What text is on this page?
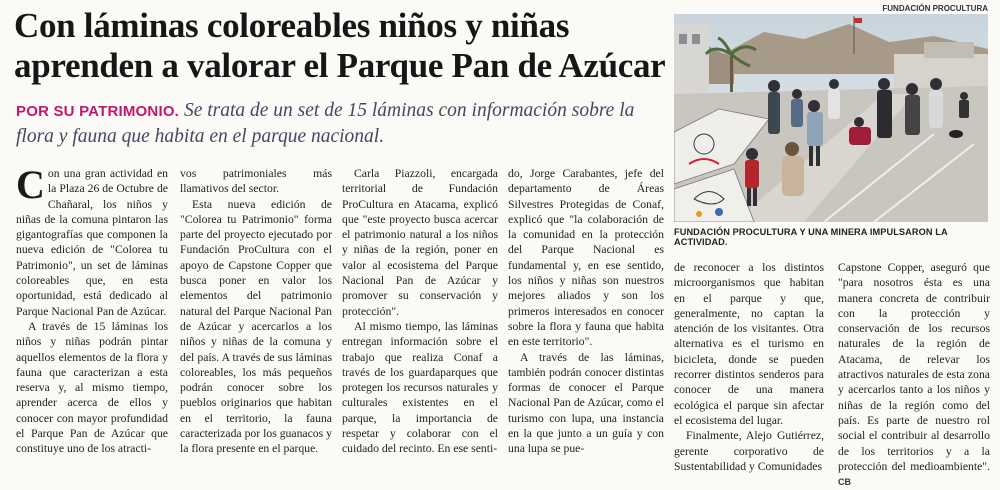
Con láminas coloreables niños y niñas
aprenden a valorar el Parque Pan de Azúcar
POR SU PATRIMONIO. Se trata de un set de 15 láminas con información sobre la flora y fauna que habita en el parque nacional.
FUNDACIÓN PROCULTURA
FUNDACIÓN PROCULTURA Y UNA MINERA IMPULSARON LA ACTIVIDAD.

Con una gran actividad en la Plaza 26 de Octubre de Chañaral, los niños y niñas de la comuna pintaron las gigantografías que componen la nueva edición de "Colorea tu Patrimonio", un set de láminas coloreables que, en esta oportunidad, está dedicado al Parque Nacional Pan de Azúcar.

A través de 15 láminas los niños y niñas podrán pintar aquellos elementos de la flora y fauna que caracterizan a esta reserva y, al mismo tiempo, aprender acerca de ellos y conocer con mayor profundidad el Parque Pan de Azúcar que constituye uno de los atracti-

vos patrimoniales más llamativos del sector.

Esta nueva edición de "Colorea tu Patrimonio" forma parte del proyecto ejecutado por Fundación ProCultura con el apoyo de Capstone Copper que busca poner en valor los elementos del patrimonio natural del Parque Nacional Pan de Azúcar y acercarlos a los niños y niñas de la comuna y del país. A través de sus láminas coloreables, los más pequeños podrán conocer sobre los pueblos originarios que habitan en el territorio, la fauna caracterizada por los guanacos y la flora presente en el parque.

Carla Piazzoli, encargada territorial de Fundación ProCultura en Atacama, explicó que "este proyecto busca acercar el patrimonio natural a los niños y niñas de la región, poner en valor al ecosistema del Parque Nacional Pan de Azúcar y promover su conservación y protección".

Al mismo tiempo, las láminas entregan información sobre el trabajo que realiza Conaf a través de los guardaparques que protegen los recursos naturales y culturales existentes en el parque, la importancia de respetar y colaborar con el cuidado del recinto. En ese senti-

do, Jorge Carabantes, jefe del departamento de Áreas Silvestres Protegidas de Conaf, explicó que "la colaboración de la comunidad en la protección del Parque Nacional es fundamental y, en ese sentido, los niños y niñas son nuestros mejores aliados y son los primeros interesados en conocer sobre la flora y fauna que habita en este territorio".

A través de las láminas, también podrán conocer distintas formas de conocer el Parque Nacional Pan de Azúcar, como el turismo con lupa, una instancia en la que junto a un guía y con una lupa se pue-

de reconocer a los distintos microorganismos que habitan en el parque y que, generalmente, no captan la atención de los visitantes. Otra alternativa es el turismo en bicicleta, donde se pueden recorrer distintos senderos para conocer de una manera ecológica el parque sin afectar el ecosistema del lugar.

Finalmente, Alejo Gutiérrez, gerente corporativo de Sustentabilidad y Comunidades

Capstone Copper, aseguró que "para nosotros ésta es una manera concreta de contribuir con la protección y conservación de los recursos naturales de la región de Atacama, de relevar los atractivos naturales de esta zona y acercarlos tanto a los niños y niñas de la región como del país. Es parte de nuestro rol social el contribuir al desarrollo de los territorios y a la protección del medioambiente". CB
